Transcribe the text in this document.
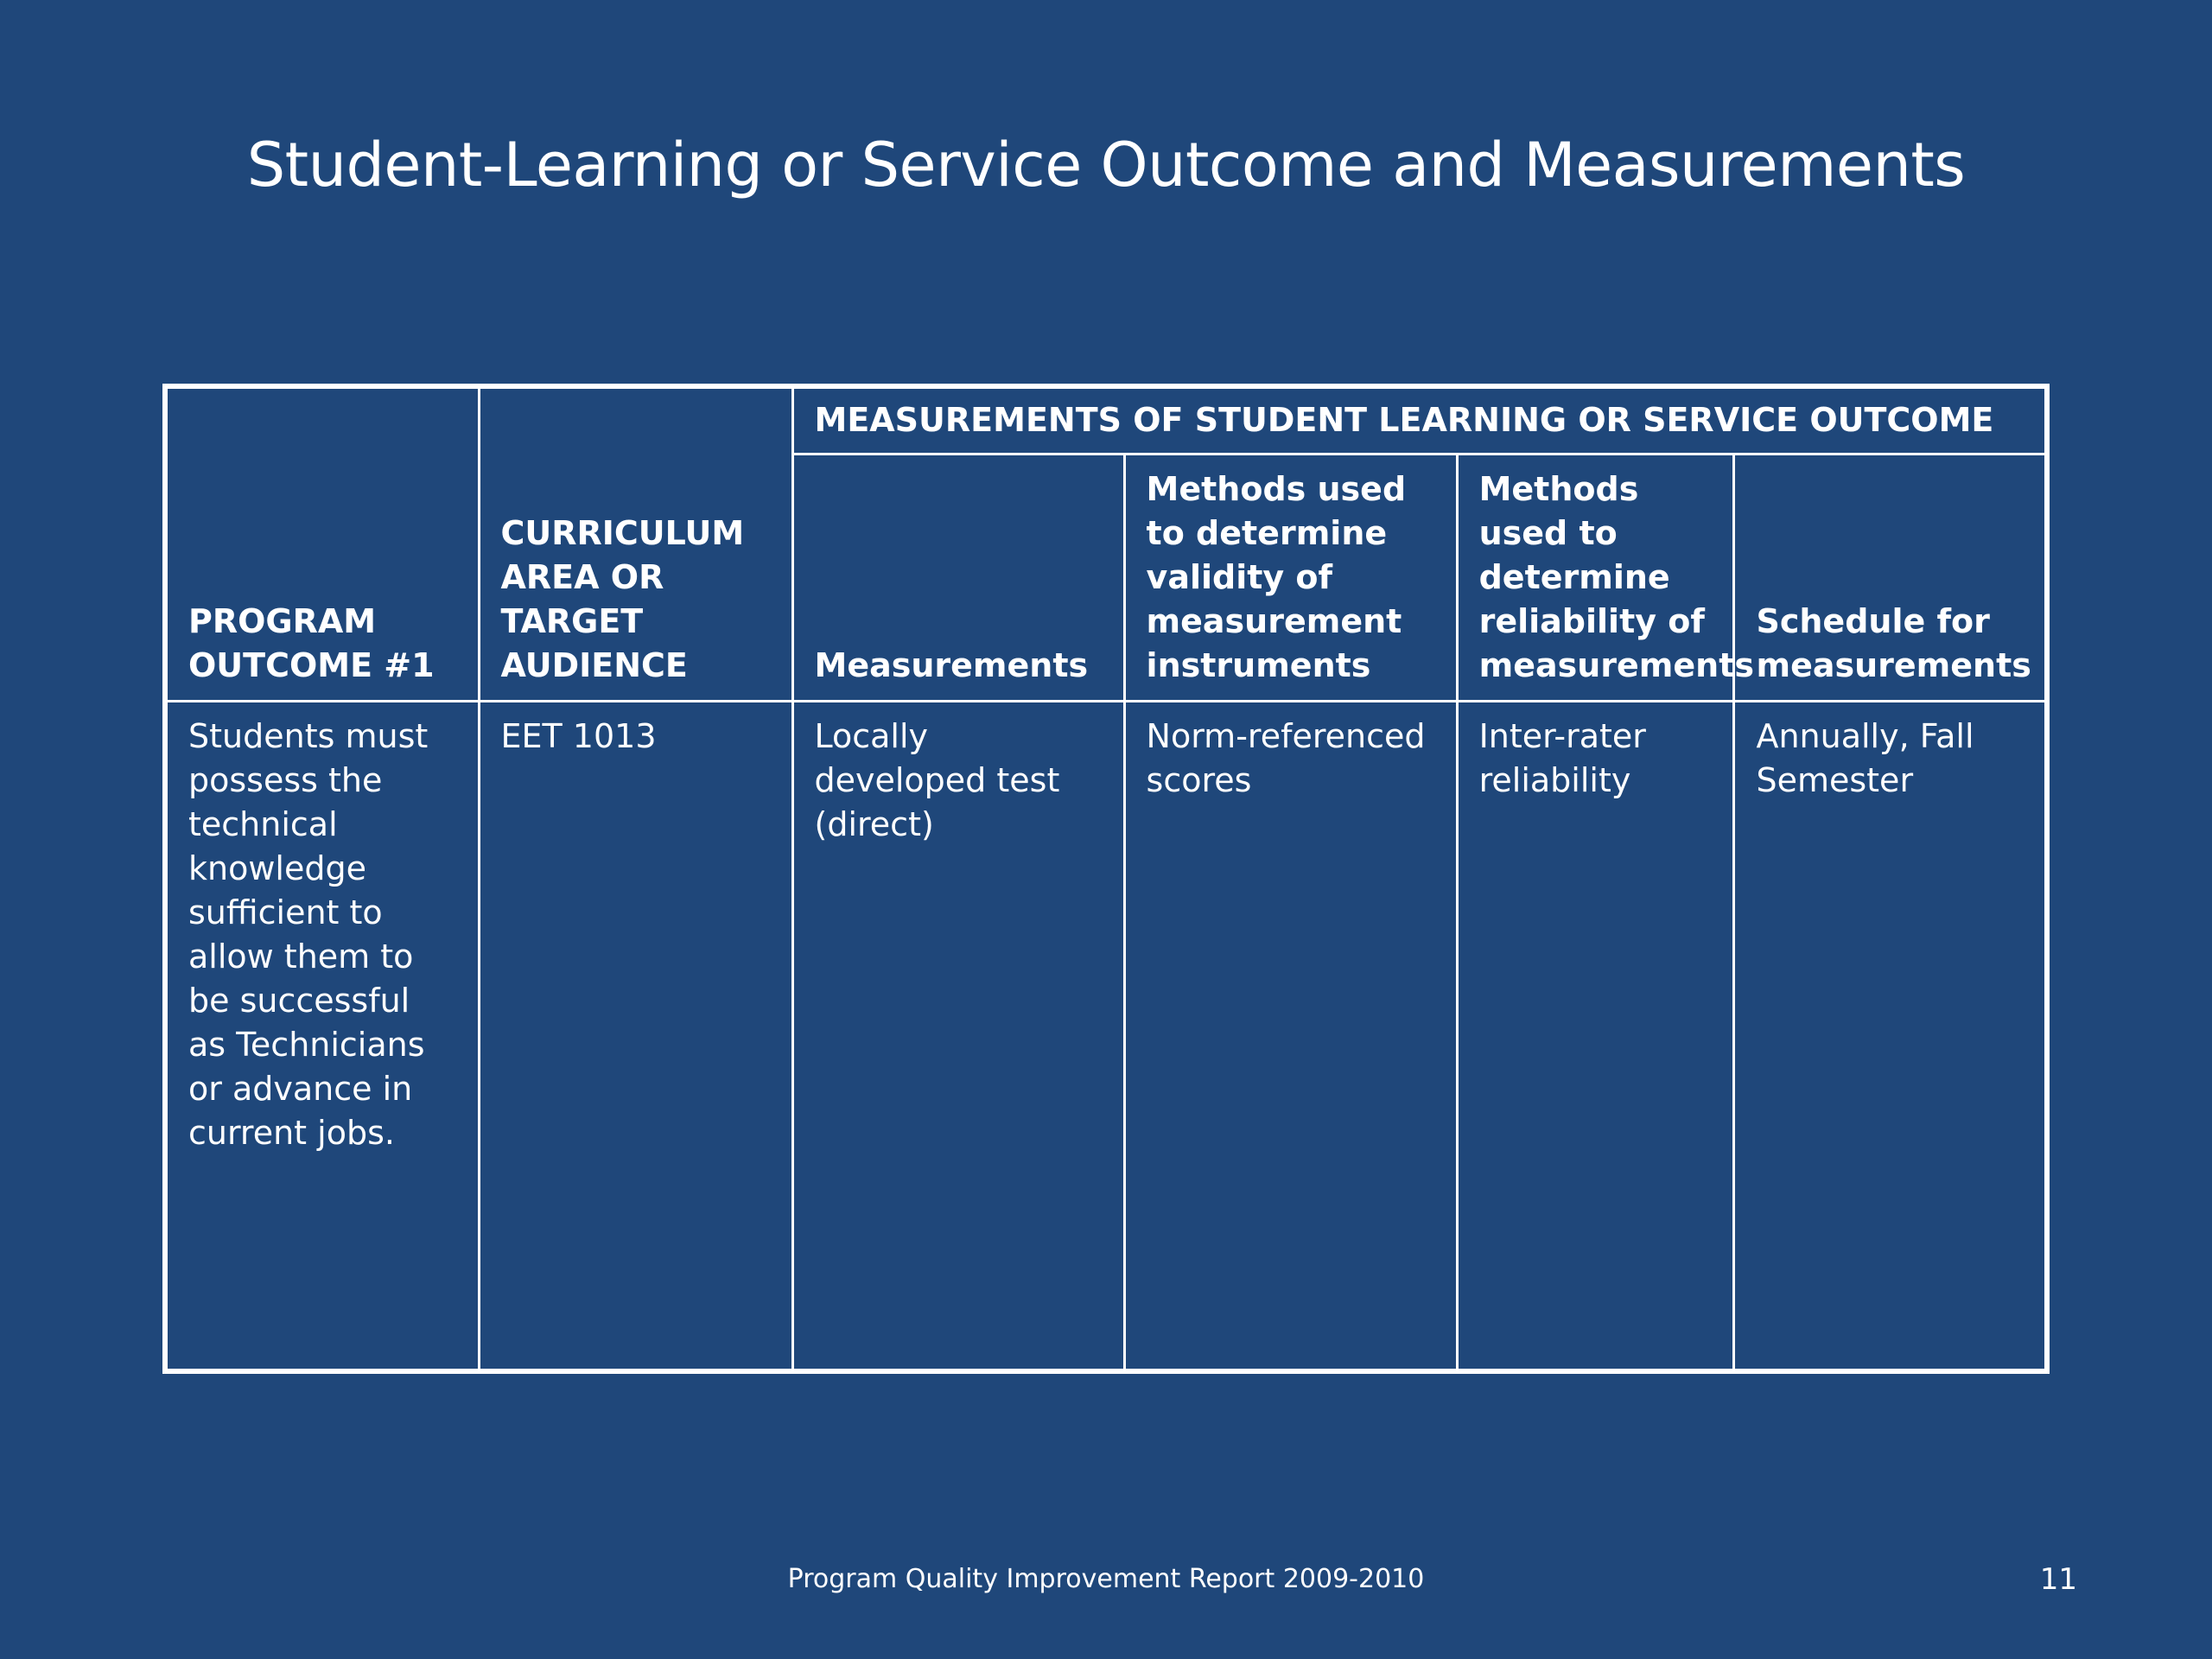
Student-Learning or Service Outcome and Measurements
PROGRAM OUTCOME #1	CURRICULUM AREA OR TARGET AUDIENCE	MEASUREMENTS OF STUDENT LEARNING OR SERVICE OUTCOME			
		Measurements	Methods used to determine validity of measurement instruments	Methods used to determine reliability of measurements	Schedule for measurements
Students must possess the technical knowledge sufficient to allow them to be successful as Technicians or advance in current jobs.	EET 1013	Locally developed test (direct)	Norm-referenced scores	Inter-rater reliability	Annually, Fall Semester
Program Quality Improvement Report 2009-2010	11
